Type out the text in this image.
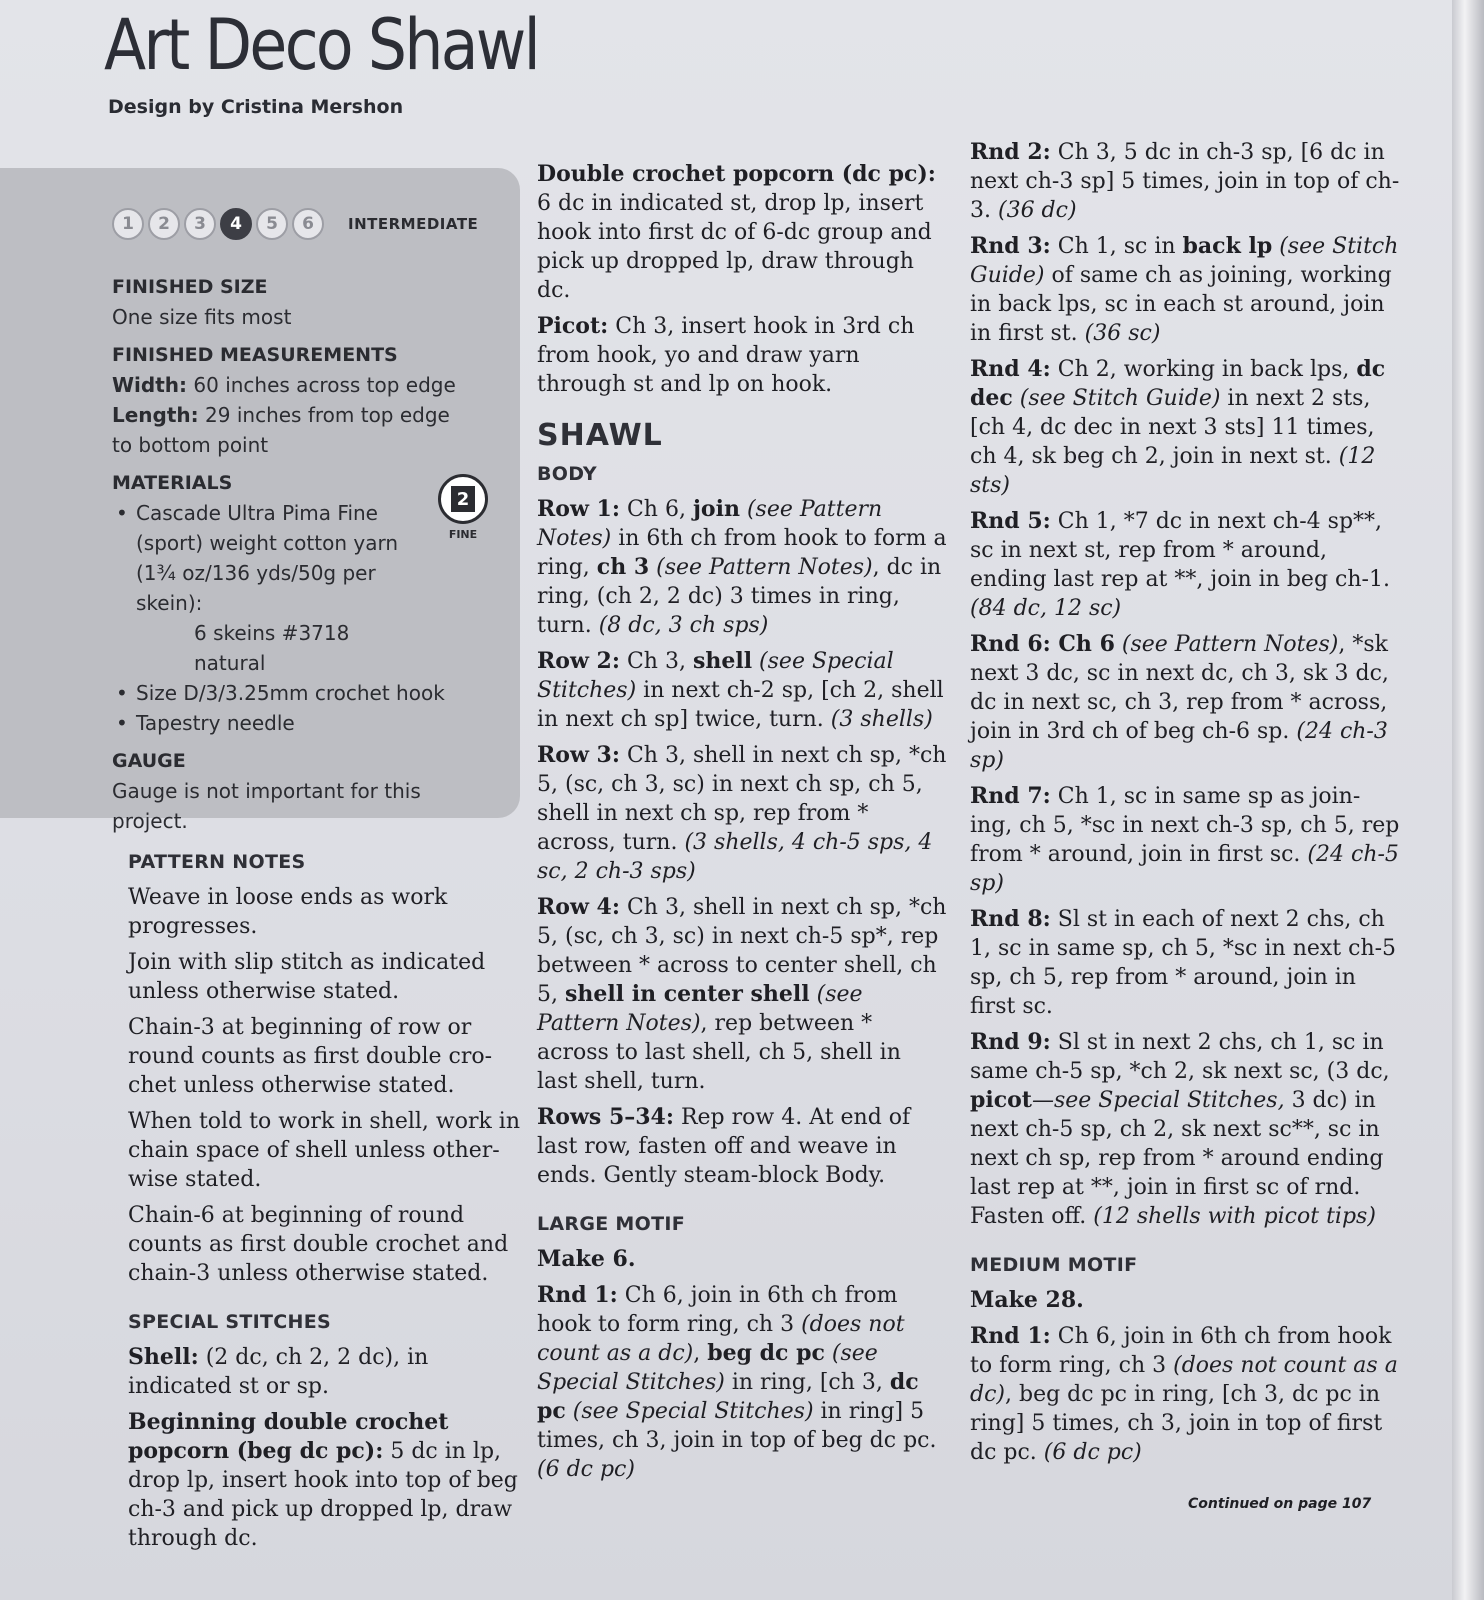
Art Deco Shawl
Design by Cristina Mershon
1	2	3	4	5	6	INTERMEDIATE
FINISHED SIZE

One size fits most

FINISHED MEASUREMENTS

Width: 60 inches across top edge

Length: 29 inches from top edge to bottom point

MATERIALS
• Cascade Ultra Pima Fine (sport) weight cotton yarn (1¾ oz/136 yds/50g per skein):
6 skeins #3718 natural
• Size D/3/3.25mm crochet hook
• Tapestry needle
GAUGE

Gauge is not important for this project.

2
FINE
PATTERN NOTES

Weave in loose ends as work progresses.

Join with slip stitch as indicated unless otherwise stated.

Chain-3 at beginning of row or round counts as first double cro-chet unless otherwise stated.

When told to work in shell, work in chain space of shell unless other-wise stated.

Chain-6 at beginning of round counts as first double crochet and chain-3 unless otherwise stated.

SPECIAL STITCHES

Shell: (2 dc, ch 2, 2 dc), in indicated st or sp.

Beginning double crochet popcorn (beg dc pc): 5 dc in lp, drop lp, insert hook into top of beg ch-3 and pick up dropped lp, draw through dc.

Double crochet popcorn (dc pc): 6 dc in indicated st, drop lp, insert hook into first dc of 6-dc group and pick up dropped lp, draw through dc.

Picot: Ch 3, insert hook in 3rd ch from hook, yo and draw yarn through st and lp on hook.

SHAWL
BODY

Row 1: Ch 6, join (see Pattern Notes) in 6th ch from hook to form a ring, ch 3 (see Pattern Notes), dc in ring, (ch 2, 2 dc) 3 times in ring, turn. (8 dc, 3 ch sps)

Row 2: Ch 3, shell (see Special Stitches) in next ch-2 sp, [ch 2, shell in next ch sp] twice, turn. (3 shells)

Row 3: Ch 3, shell in next ch sp, *ch 5, (sc, ch 3, sc) in next ch sp, ch 5, shell in next ch sp, rep from * across, turn. (3 shells, 4 ch-5 sps, 4 sc, 2 ch-3 sps)

Row 4: Ch 3, shell in next ch sp, *ch 5, (sc, ch 3, sc) in next ch-5 sp*, rep between * across to center shell, ch 5, shell in center shell (see Pattern Notes), rep between * across to last shell, ch 5, shell in last shell, turn.

Rows 5–34: Rep row 4. At end of last row, fasten off and weave in ends. Gently steam-block Body.

LARGE MOTIF

Make 6.

Rnd 1: Ch 6, join in 6th ch from hook to form ring, ch 3 (does not count as a dc), beg dc pc (see Special Stitches) in ring, [ch 3, dc pc (see Special Stitches) in ring] 5 times, ch 3, join in top of beg dc pc. (6 dc pc)

Rnd 2: Ch 3, 5 dc in ch-3 sp, [6 dc in next ch-3 sp] 5 times, join in top of ch-3. (36 dc)

Rnd 3: Ch 1, sc in back lp (see Stitch Guide) of same ch as joining, working in back lps, sc in each st around, join in first st. (36 sc)

Rnd 4: Ch 2, working in back lps, dc dec (see Stitch Guide) in next 2 sts, [ch 4, dc dec in next 3 sts] 11 times, ch 4, sk beg ch 2, join in next st. (12 sts)

Rnd 5: Ch 1, *7 dc in next ch-4 sp**, sc in next st, rep from * around, ending last rep at **, join in beg ch-1. (84 dc, 12 sc)

Rnd 6: Ch 6 (see Pattern Notes), *sk next 3 dc, sc in next dc, ch 3, sk 3 dc, dc in next sc, ch 3, rep from * across, join in 3rd ch of beg ch-6 sp. (24 ch-3 sp)

Rnd 7: Ch 1, sc in same sp as join-ing, ch 5, *sc in next ch-3 sp, ch 5, rep from * around, join in first sc. (24 ch-5 sp)

Rnd 8: Sl st in each of next 2 chs, ch 1, sc in same sp, ch 5, *sc in next ch-5 sp, ch 5, rep from * around, join in first sc.

Rnd 9: Sl st in next 2 chs, ch 1, sc in same ch-5 sp, *ch 2, sk next sc, (3 dc, picot—see Special Stitches, 3 dc) in next ch-5 sp, ch 2, sk next sc**, sc in next ch sp, rep from * around ending last rep at **, join in first sc of rnd. Fasten off. (12 shells with picot tips)

MEDIUM MOTIF

Make 28.

Rnd 1: Ch 6, join in 6th ch from hook to form ring, ch 3 (does not count as a dc), beg dc pc in ring, [ch 3, dc pc in ring] 5 times, ch 3, join in top of first dc pc. (6 dc pc)

Continued on page 107
